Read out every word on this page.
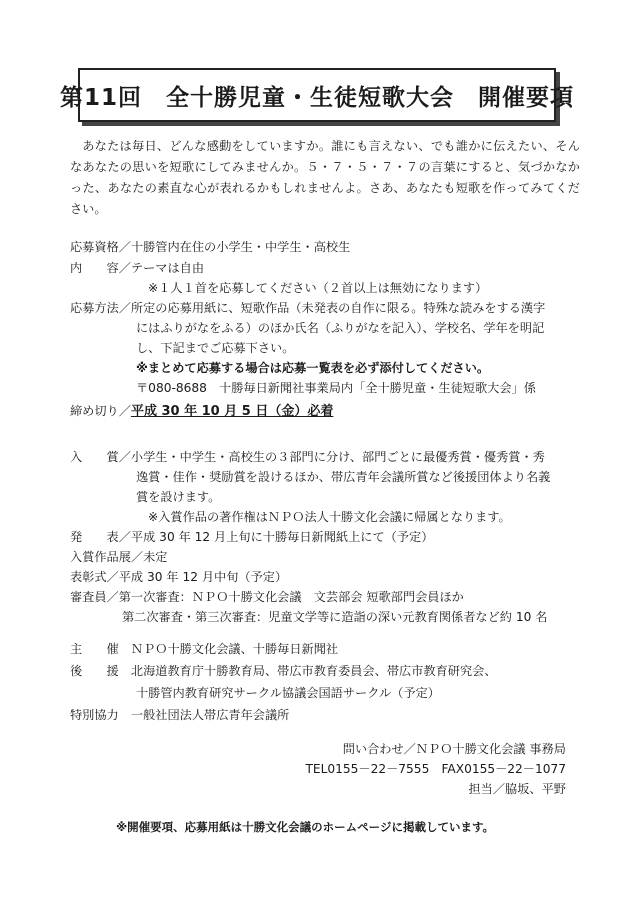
第11回　全十勝児童・生徒短歌大会　開催要項

あなたは毎日、どんな感動をしていますか。誰にも言えない、でも誰かに伝えたい、そんなあなたの思いを短歌にしてみませんか。５・７・５・７・７の言葉にすると、気づかなかった、あなたの素直な心が表れるかもしれませんよ。さあ、あなたも短歌を作ってみてください。

応募資格／十勝管内在住の小学生・中学生・高校生
内　　容／テーマは自由
※１人１首を応募してください（２首以上は無効になります）
応募方法／所定の応募用紙に、短歌作品（未発表の自作に限る。特殊な読みをする漢字
にはふりがなをふる）のほか氏名（ふりがなを記入）、学校名、学年を明記
し、下記までご応募下さい。
※まとめて応募する場合は応募一覧表を必ず添付してください。
〒080-8688　十勝毎日新聞社事業局内「全十勝児童・生徒短歌大会」係
締め切り／平成 30 年 10 月 5 日（金）必着
入　　賞／小学生・中学生・高校生の３部門に分け、部門ごとに最優秀賞・優秀賞・秀
逸賞・佳作・奨励賞を設けるほか、帯広青年会議所賞など後援団体より名義
賞を設けます。
※入賞作品の著作権はＮＰＯ法人十勝文化会議に帰属となります。
発　　表／平成 30 年 12 月上旬に十勝毎日新聞紙上にて（予定）
入賞作品展／未定
表彰式／平成 30 年 12 月中旬（予定）
審査員／第一次審査：ＮＰＯ十勝文化会議　文芸部会 短歌部門会員ほか
第二次審査・第三次審査：児童文学等に造詣の深い元教育関係者など約 10 名
主　　催　ＮＰＯ十勝文化会議、十勝毎日新聞社
後　　援　北海道教育庁十勝教育局、帯広市教育委員会、帯広市教育研究会、
十勝管内教育研究サークル協議会国語サークル（予定）
特別協力　一般社団法人帯広青年会議所
問い合わせ／ＮＰＯ十勝文化会議 事務局
TEL0155－22－7555　FAX0155－22－1077
担当／脇坂、平野
※開催要項、応募用紙は十勝文化会議のホームページに掲載しています。
